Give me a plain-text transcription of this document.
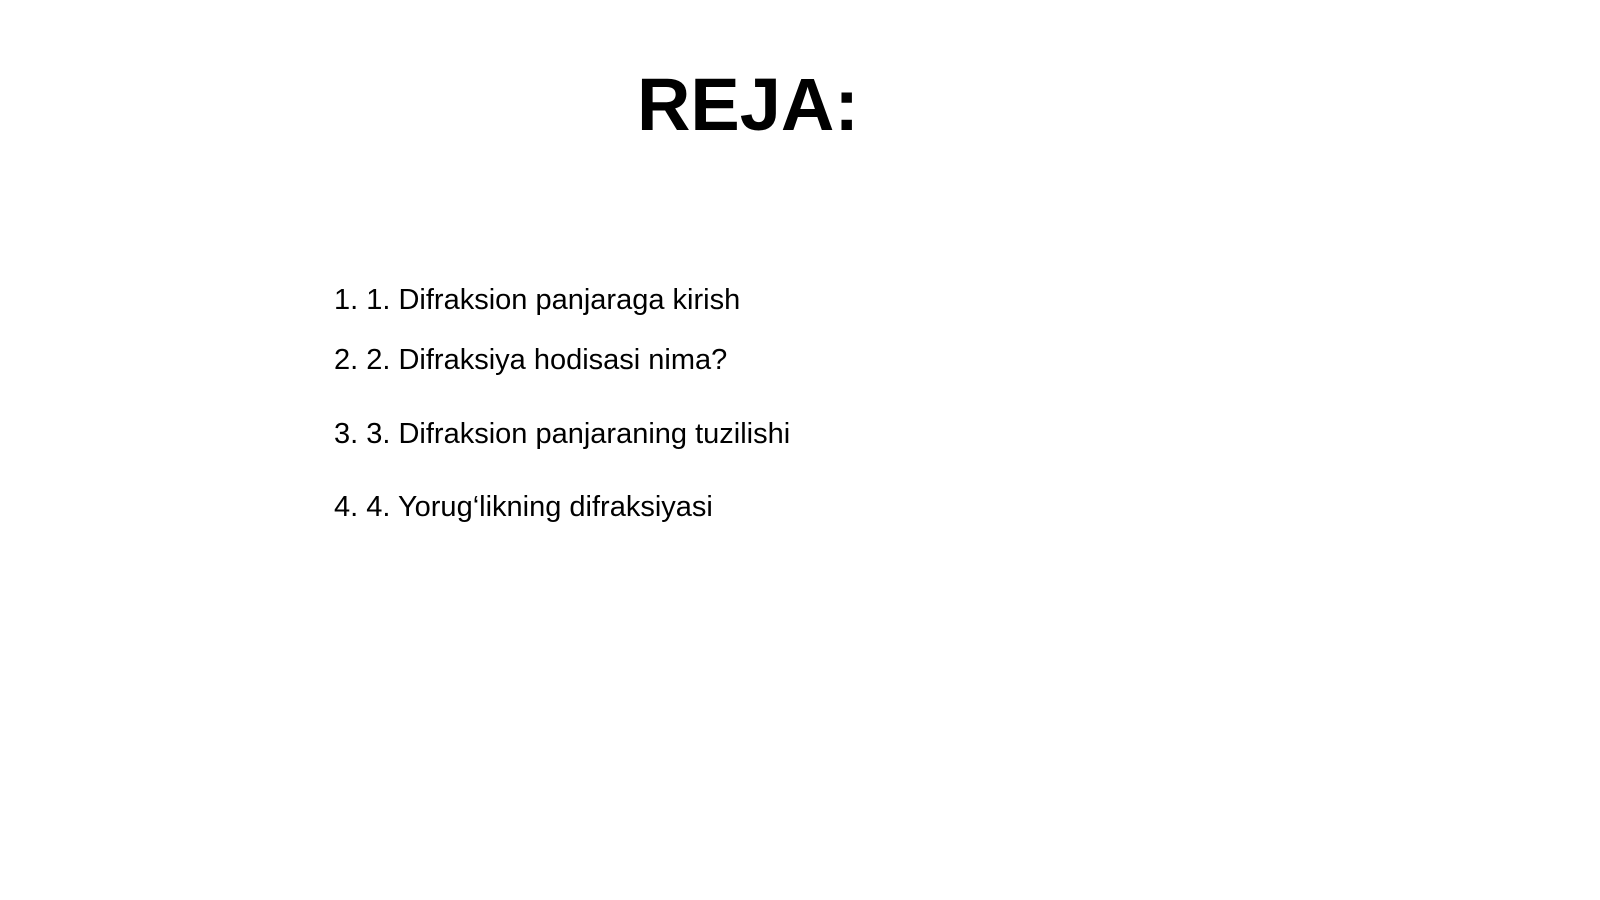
REJA:
1. 1. Difraksion panjaraga kirish
2. 2. Difraksiya hodisasi nima?
3. 3. Difraksion panjaraning tuzilishi
4. 4. Yorug‘likning difraksiyasi
